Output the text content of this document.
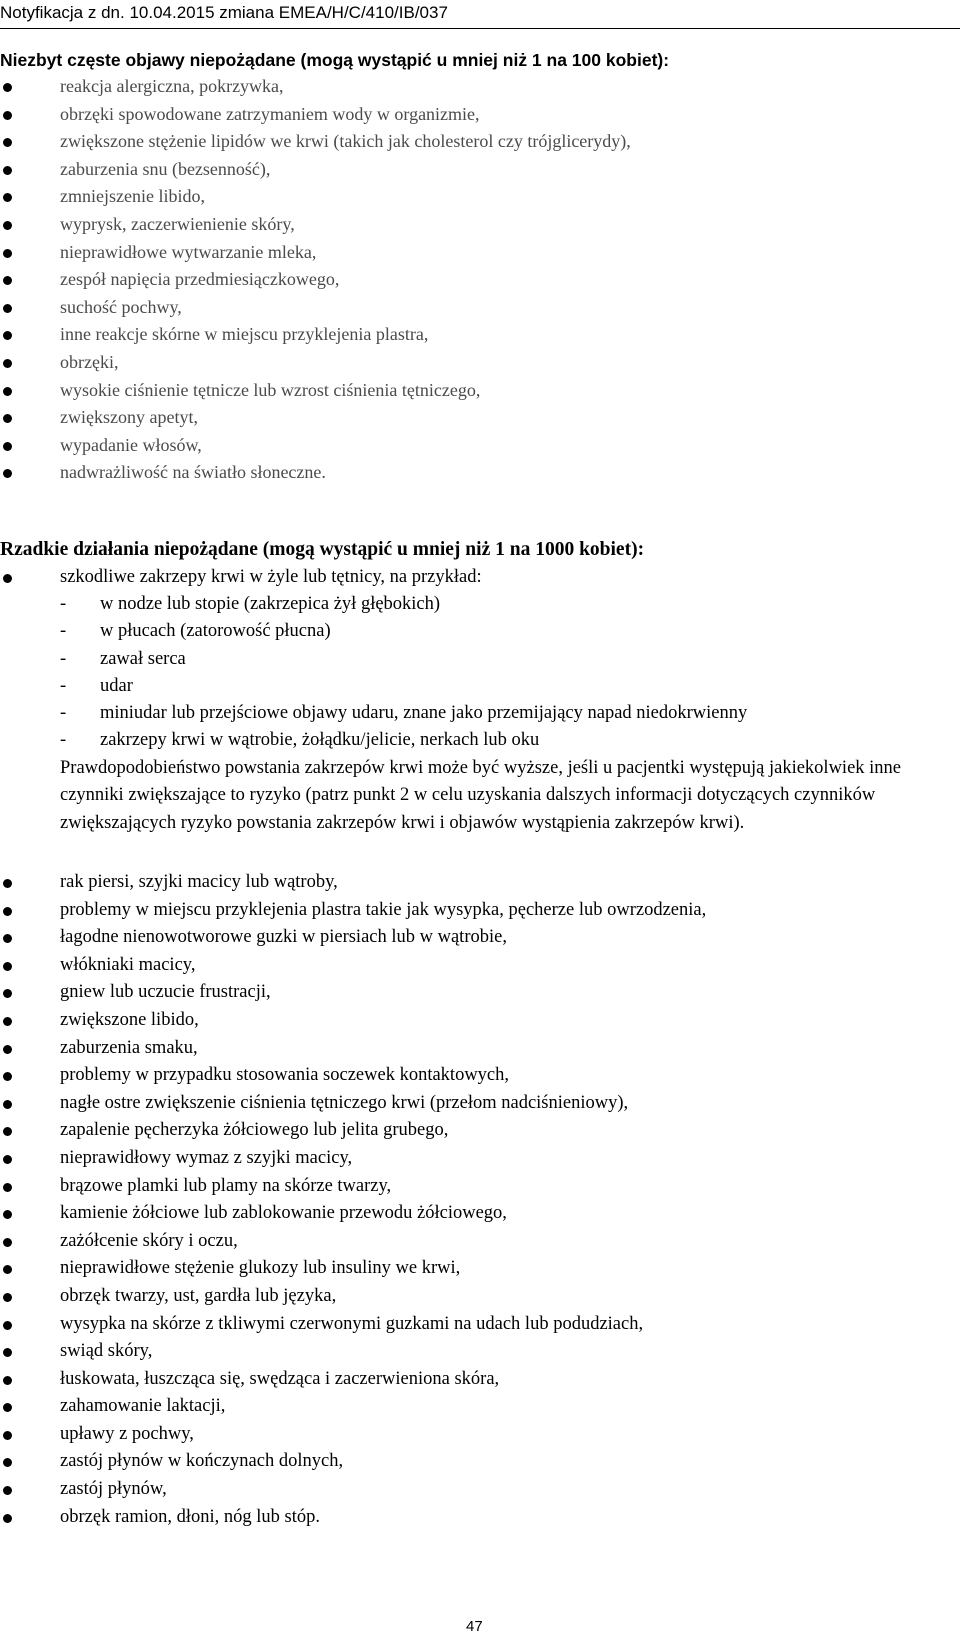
Notyfikacja z dn. 10.04.2015 zmiana EMEA/H/C/410/IB/037
Niezbyt częste objawy niepożądane (mogą wystąpić u mniej niż 1 na 100 kobiet):
reakcja alergiczna, pokrzywka,
obrzęki spowodowane zatrzymaniem wody w organizmie,
zwiększone stężenie lipidów we krwi (takich jak cholesterol czy trójglicerydy),
zaburzenia snu (bezsenność),
zmniejszenie libido,
wyprysk, zaczerwienienie skóry,
nieprawidłowe wytwarzanie mleka,
zespół napięcia przedmiesiączkowego,
suchość pochwy,
inne reakcje skórne w miejscu przyklejenia plastra,
obrzęki,
wysokie ciśnienie tętnicze lub wzrost ciśnienia tętniczego,
zwiększony apetyt,
wypadanie włosów,
nadwrażliwość na światło słoneczne.
Rzadkie działania niepożądane (mogą wystąpić u mniej niż 1 na 1000 kobiet):
szkodliwe zakrzepy krwi w żyle lub tętnicy, na przykład:
- w nodze lub stopie (zakrzepica żył głębokich)
- w płucach (zatorowość płucna)
- zawał serca
- udar
- miniudar lub przejściowe objawy udaru, znane jako przemijający napad niedokrwienny
- zakrzepy krwi w wątrobie, żołądku/jelicie, nerkach lub oku
Prawdopodobieństwo powstania zakrzepów krwi może być wyższe, jeśli u pacjentki występują jakiekolwiek inne czynniki zwiększające to ryzyko (patrz punkt 2 w celu uzyskania dalszych informacji dotyczących czynników zwiększających ryzyko powstania zakrzepów krwi i objawów wystąpienia zakrzepów krwi).
rak piersi, szyjki macicy lub wątroby,
problemy w miejscu przyklejenia plastra takie jak wysypka, pęcherze lub owrzodzenia,
łagodne nienowotworowe guzki w piersiach lub w wątrobie,
włókniaki macicy,
gniew lub uczucie frustracji,
zwiększone libido,
zaburzenia smaku,
problemy w przypadku stosowania soczewek kontaktowych,
nagłe ostre zwiększenie ciśnienia tętniczego krwi (przełom nadciśnieniowy),
zapalenie pęcherzyka żółciowego lub jelita grubego,
nieprawidłowy wymaz z szyjki macicy,
brązowe plamki lub plamy na skórze twarzy,
kamienie żółciowe lub zablokowanie przewodu żółciowego,
zażółcenie skóry i oczu,
nieprawidłowe stężenie glukozy lub insuliny we krwi,
obrzęk twarzy, ust, gardła lub języka,
wysypka na skórze z tkliwymi czerwonymi guzkami na udach lub podudziach,
swiąd skóry,
łuskowata, łuszcząca się, swędząca i zaczerwieniona skóra,
zahamowanie laktacji,
upławy z pochwy,
zastój płynów w kończynach dolnych,
zastój płynów,
obrzęk ramion, dłoni, nóg lub stóp.
47
